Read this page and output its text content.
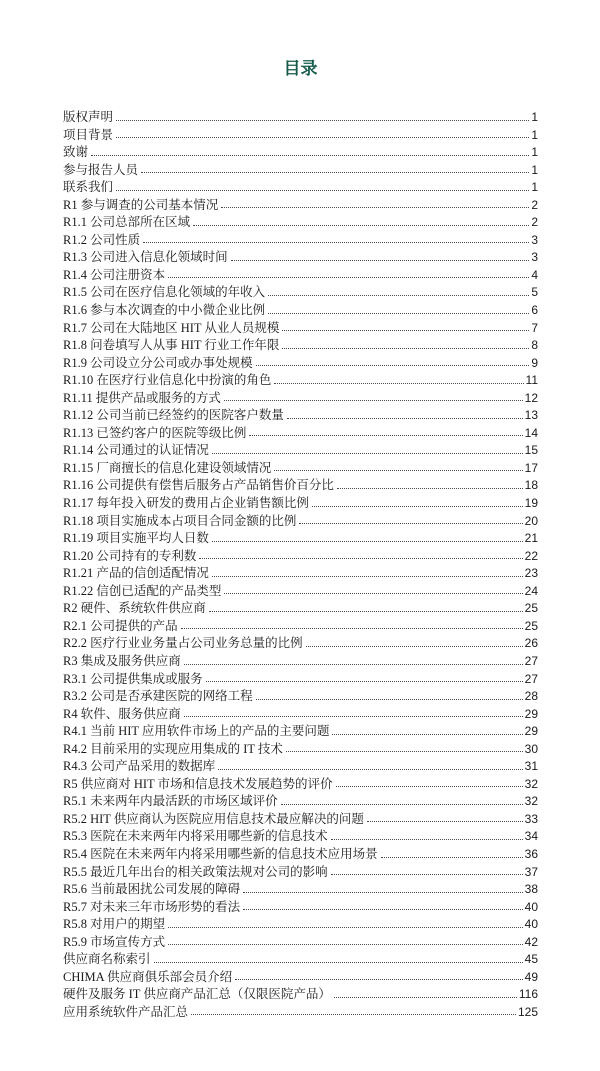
目录
版权声明	1
项目背景	1
致谢	1
参与报告人员	1
联系我们	1
R1 参与调查的公司基本情况	2
R1.1 公司总部所在区域	2
R1.2 公司性质	3
R1.3 公司进入信息化领域时间	3
R1.4 公司注册资本	4
R1.5 公司在医疗信息化领域的年收入	5
R1.6 参与本次调查的中小微企业比例	6
R1.7 公司在大陆地区 HIT 从业人员规模	7
R1.8 问卷填写人从事 HIT 行业工作年限	8
R1.9 公司设立分公司或办事处规模	9
R1.10 在医疗行业信息化中扮演的角色	11
R1.11 提供产品或服务的方式	12
R1.12 公司当前已经签约的医院客户数量	13
R1.13 已签约客户的医院等级比例	14
R1.14 公司通过的认证情况	15
R1.15 厂商擅长的信息化建设领域情况	17
R1.16 公司提供有偿售后服务占产品销售价百分比	18
R1.17 每年投入研发的费用占企业销售额比例	19
R1.18 项目实施成本占项目合同金额的比例	20
R1.19 项目实施平均人日数	21
R1.20 公司持有的专利数	22
R1.21 产品的信创适配情况	23
R1.22 信创已适配的产品类型	24
R2 硬件、系统软件供应商	25
R2.1 公司提供的产品	25
R2.2 医疗行业业务量占公司业务总量的比例	26
R3 集成及服务供应商	27
R3.1 公司提供集成或服务	27
R3.2 公司是否承建医院的网络工程	28
R4 软件、服务供应商	29
R4.1 当前 HIT 应用软件市场上的产品的主要问题	29
R4.2 目前采用的实现应用集成的 IT 技术	30
R4.3 公司产品采用的数据库	31
R5 供应商对 HIT 市场和信息技术发展趋势的评价	32
R5.1 未来两年内最活跃的市场区域评价	32
R5.2 HIT 供应商认为医院应用信息技术最应解决的问题	33
R5.3 医院在未来两年内将采用哪些新的信息技术	34
R5.4 医院在未来两年内将采用哪些新的信息技术应用场景	36
R5.5 最近几年出台的相关政策法规对公司的影响	37
R5.6 当前最困扰公司发展的障碍	38
R5.7 对未来三年市场形势的看法	40
R5.8 对用户的期望	40
R5.9 市场宣传方式	42
供应商名称索引	45
CHIMA 供应商俱乐部会员介绍	49
硬件及服务 IT 供应商产品汇总（仅限医院产品）	116
应用系统软件产品汇总	125
